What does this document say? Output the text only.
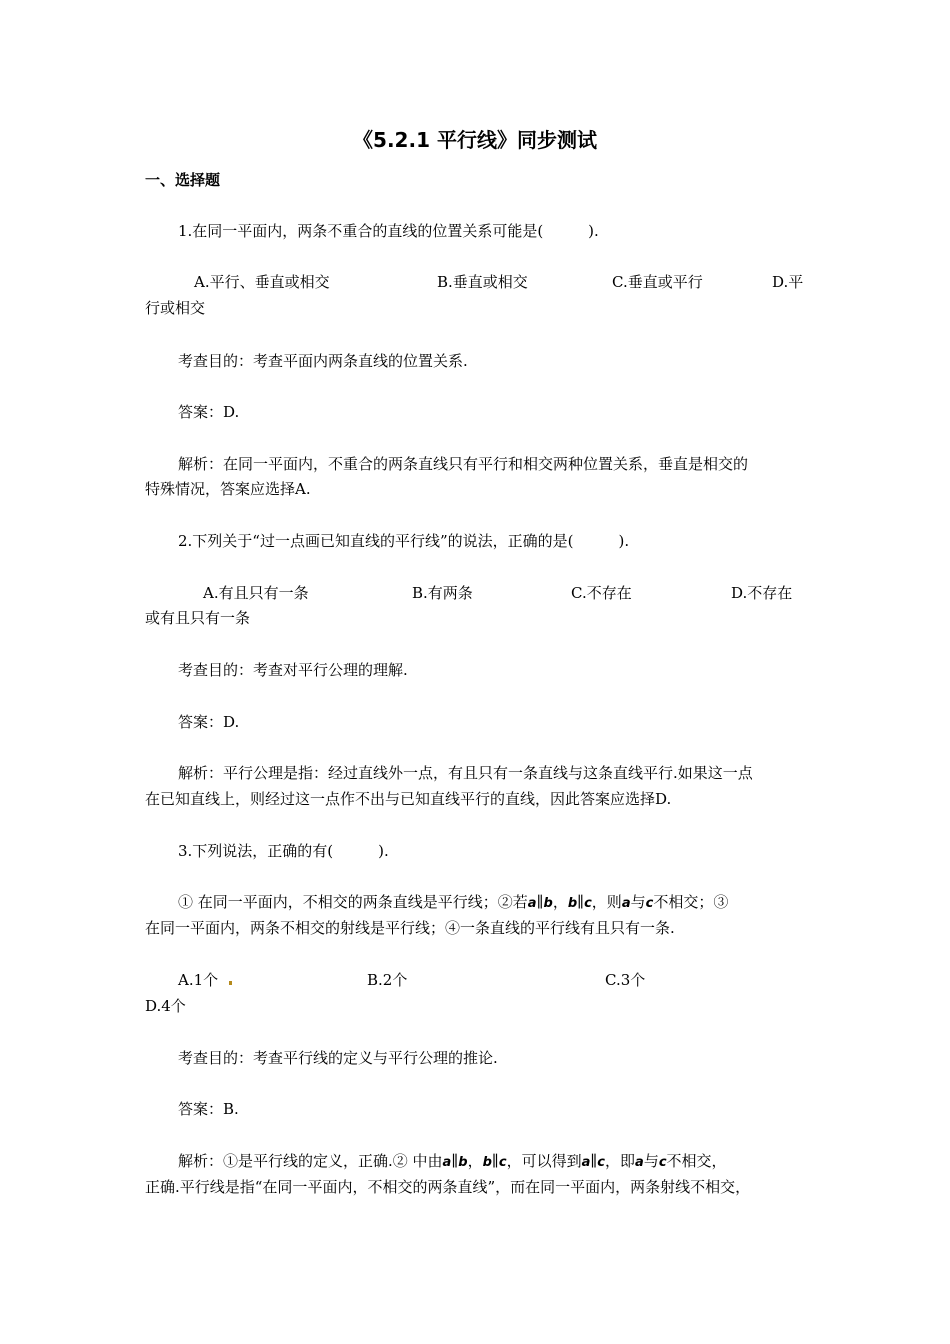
《5.2.1 平行线》同步测试
一、选择题
1.在同一平面内，两条不重合的直线的位置关系可能是(　　　).
A.平行、垂直或相交	B.垂直或相交	C.垂直或平行	D.平
行或相交
考查目的：考查平面内两条直线的位置关系.
答案：D.
解析：在同一平面内，不重合的两条直线只有平行和相交两种位置关系，垂直是相交的
特殊情况，答案应选择A.
2.下列关于“过一点画已知直线的平行线”的说法，正确的是(　　　).
A.有且只有一条	B.有两条	C.不存在	D.不存在
或有且只有一条
考查目的：考查对平行公理的理解.
答案：D.
解析：平行公理是指：经过直线外一点，有且只有一条直线与这条直线平行.如果这一点
在已知直线上，则经过这一点作不出与已知直线平行的直线，因此答案应选择D.
3.下列说法，正确的有(　　　).
① 在同一平面内，不相交的两条直线是平行线；②若a∥b，b∥c，则a与c不相交；③
在同一平面内，两条不相交的射线是平行线；④一条直线的平行线有且只有一条.
A.1个	B.2个	C.3个
D.4个
考查目的：考查平行线的定义与平行公理的推论.
答案：B.
解析：①是平行线的定义，正确.② 中由a∥b，b∥c，可以得到a∥c，即a与c不相交，
正确.平行线是指“在同一平面内，不相交的两条直线”，而在同一平面内，两条射线不相交，
